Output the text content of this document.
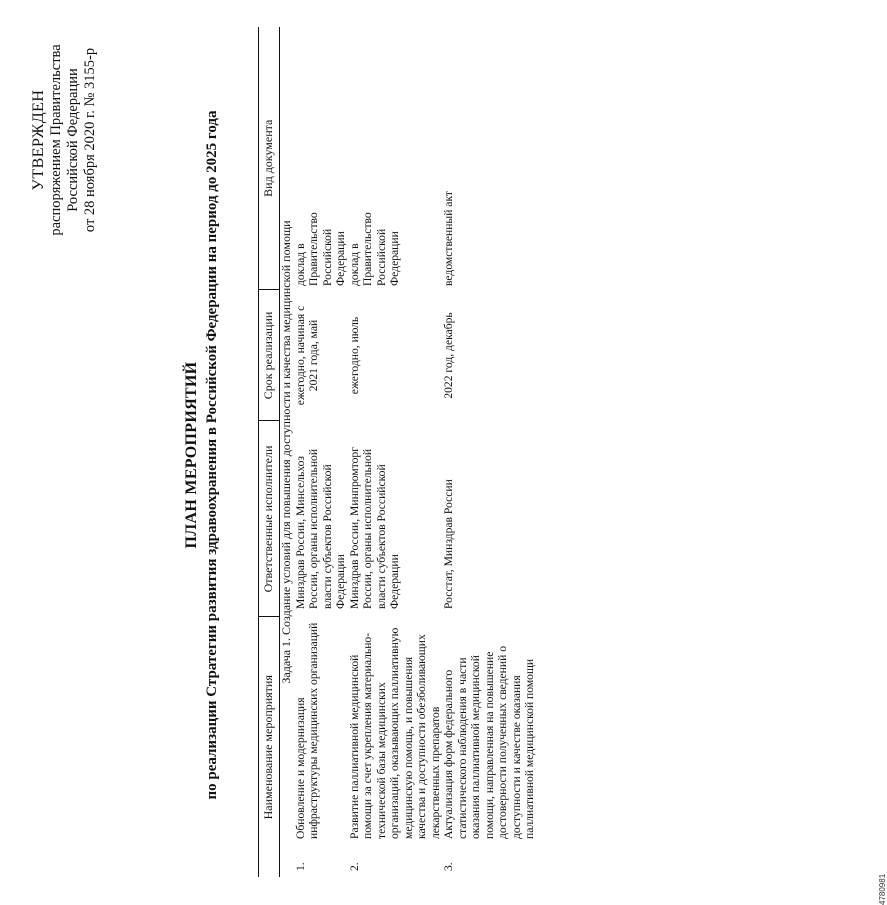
УТВЕРЖДЕН распоряжением Правительства Российской Федерации от 28 ноября 2020 г. № 3155-р
ПЛАН МЕРОПРИЯТИЙ по реализации Стратегии развития здравоохранения в Российской Федерации на период до 2025 года	Наименование мероприятия		Ответственные исполнители	Срок реализации	Вид документа	
Задача 1. Создание условий для повышения доступности и качества медицинской помощи					
1.	Обновление и модернизация инфраструктуры медицинских организаций	Минздрав России, Минсельхоз России, органы исполнительной власти субъектов Российской Федерации	ежегодно, начиная с 2021 года, май	доклад в Правительство Российской Федерации	
2.	Развитие паллиативной медицинской помощи за счет укрепления материально-технической базы медицинских организаций, оказывающих паллиативную медицинскую помощь, и повышения качества и доступности обезболивающих лекарственных препаратов	Минздрав России, Минпромторг России, органы исполнительной власти субъектов Российской Федерации	ежегодно, июль	доклад в Правительство Российской Федерации	
3.	Актуализация форм федерального статистического наблюдения в части оказания паллиативной медицинской помощи, направленная на повышение достоверности полученных сведений о доступности и качестве оказания паллиативной медицинской помощи	Росстат, Минздрав России	2022 год, декабрь	ведомственный акт	
4780981
